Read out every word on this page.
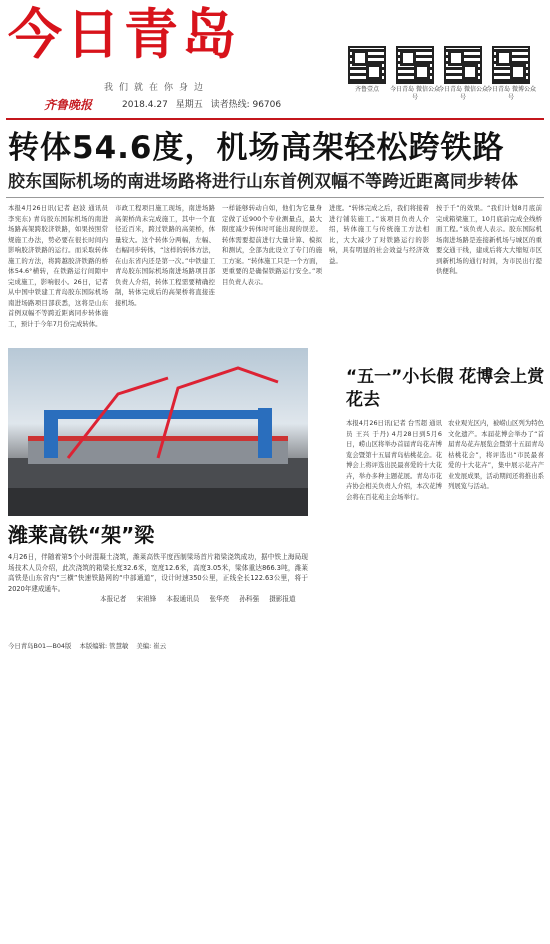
今日青岛
我们就在你身边
齐鲁晚报	2018.4.27 星期五 读者热线: 96706
齐鲁壹点	今日青岛 微信公众号
今日青岛 微信公众号
今日青岛 微博公众号
转体54.6度，机场高架轻松跨铁路
胶东国际机场的南进场路将进行山东首例双幅不等跨近距离同步转体
本报4月26日讯(记者 赵波 通讯员 李宪东) 青岛胶东国际机场的南进场路高架跨胶济铁路，如果按照常规施工办法，势必要在很长时间内影响胶济铁路的运行。而采取转体施工的方法，将跨越胶济铁路的桥体54.6°横转，在铁路运行间隙中完成施工，影响很小。26日，记者从中国中铁建工青岛胶东国际机场南进场路项目部获悉，这将是山东首例双幅不等跨近距离同步转体施工，预计于今年7月份完成转体。
市政工程项目施工现场，南进场路高架桥尚未完成施工，其中一个直径近百米，跨过铁路的高架桥，体量较大。这个转体分两幅，左幅、右幅同步转体，“这样的转体方法，在山东省内还是第一次。”中铁建工青岛胶东国际机场南进场路项目部负责人介绍，转体工程需要精确控制，转体完成后的高架桥将直接连接机场。
一样能够转动自如，他们为它量身定做了近900个专业测量点，最大限度减少转体时可能出现的误差。转体需要提前进行大量计算、模拟和测试，全部为此设立了专门的施工方案。“转体施工只是一个方面，更重要的是确保铁路运行安全。”项目负责人表示。
进度。“转体完成之后，我们将接着进行铺装施工。”该项目负责人介绍，转体施工与传统施工方法相比，大大减少了对铁路运行的影响，具有明显的社会效益与经济效益。
按于千”的效果。“我们计划8月底前完成箱梁施工，10月底前完成全线桥面工程。”该负责人表示。胶东国际机场南进场路是连接新机场与城区的重要交通干线，建成后将大大缩短市区到新机场的通行时间，为市民出行提供便利。
潍莱高铁“架”梁
4月26日，伴随着第5个小时混凝土浇筑，潍莱高铁平度西制梁场首片箱梁浇筑成功，据中铁上海局现场技术人员介绍，此次浇筑的箱梁长度32.6米，宽度12.6米，高度3.05米，梁体重达866.3吨，潍莱高铁是山东省内“三横”快速铁路网的“中部通道”，设计时速350公里，正线全长122.63公里，将于2020年建成通车。
本报记者 宋祖锋 本报通讯员 张华亮 孙科强 摄影报道
“五一”小长假 花博会上赏花去
本报4月26日讯(记者 台雪超 通讯员 王兴 于丹) 4月28日到5月6日，崂山区将举办首届青岛花卉博览会暨第十五届青岛枯桃花会。花博会上将评选出民最喜爱的十大花卉，举办多种主题花展。青岛市花卉协会相关负责人介绍，本次花博会将在百花苑主会场举行。
农业观光区内，被崂山区列为特色文化遗产。本届花博会举办了“首届青岛花卉展览会暨第十五届青岛枯桃花会”，将评选出“市民最喜爱的十大花卉”，集中展示花卉产业发展成果，活动期间还将推出系列展览与活动。
今日青岛B01—B04版 本版编辑: 管慧敏 美编: 崔云
